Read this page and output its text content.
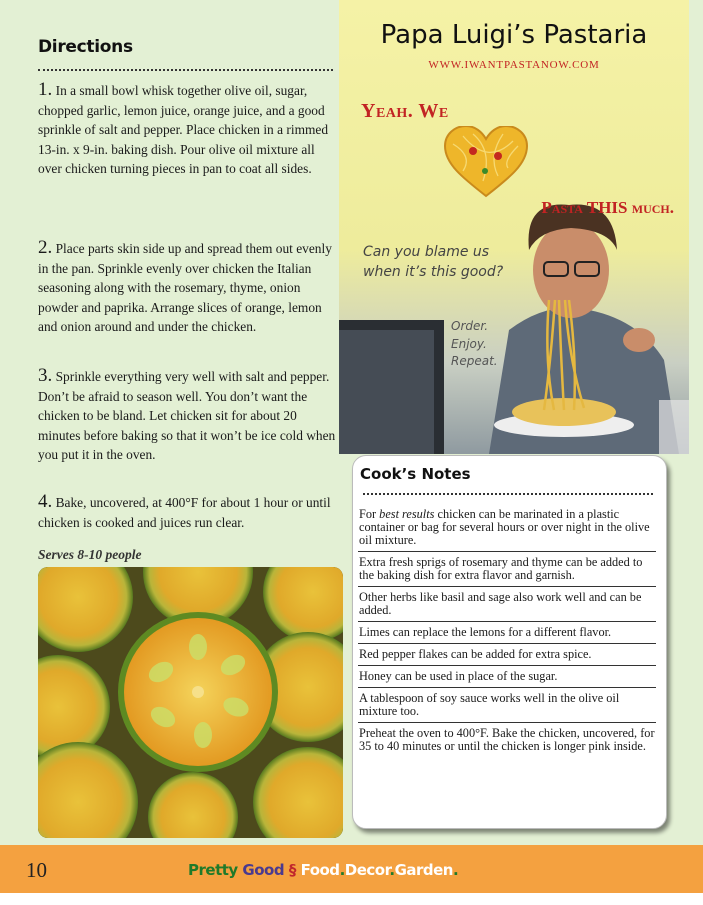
Directions
1. In a small bowl whisk together olive oil, sugar, chopped garlic, lemon juice, orange juice, and a good sprinkle of salt and pepper. Place chicken in a rimmed 13-in. x 9-in. baking dish. Pour olive oil mixture all over chicken turning pieces in pan to coat all sides.
2. Place parts skin side up and spread them out evenly in the pan. Sprinkle evenly over chicken the Italian seasoning along with the rosemary, thyme, onion powder and paprika. Arrange slices of orange, lemon and onion around and under the chicken.
3. Sprinkle everything very well with salt and pepper. Don’t be afraid to season well. You don’t want the chicken to be bland. Let chicken sit for about 20 minutes before baking so that it won’t be ice cold when you put it in the oven.
4. Bake, uncovered, at 400°F for about 1 hour or until chicken is cooked and juices run clear.
Serves 8-10 people
Papa Luigi’s Pastaria
WWW.IWANTPASTANOW.COM
Yeah. We
Pasta THIS much.
Can you blame us when it’s this good?
Order.
Enjoy.
Repeat.
Cook’s Notes
For best results chicken can be marinated in a plastic container or bag for several hours or over night in the olive oil mixture.
Extra fresh sprigs of rosemary and thyme can be added to the baking dish for extra flavor and garnish.
Other herbs like basil and sage also work well and can be added.
Limes can replace the lemons for a different flavor.
Red pepper flakes can be added for extra spice.
Honey can be used in place of the sugar.
A tablespoon of soy sauce works well in the olive oil mixture too.
Preheat the oven to 400°F. Bake the chicken, uncovered, for 35 to 40 minutes or until the chicken is longer pink inside.
10	Pretty Good § Food.Decor.Garden.
